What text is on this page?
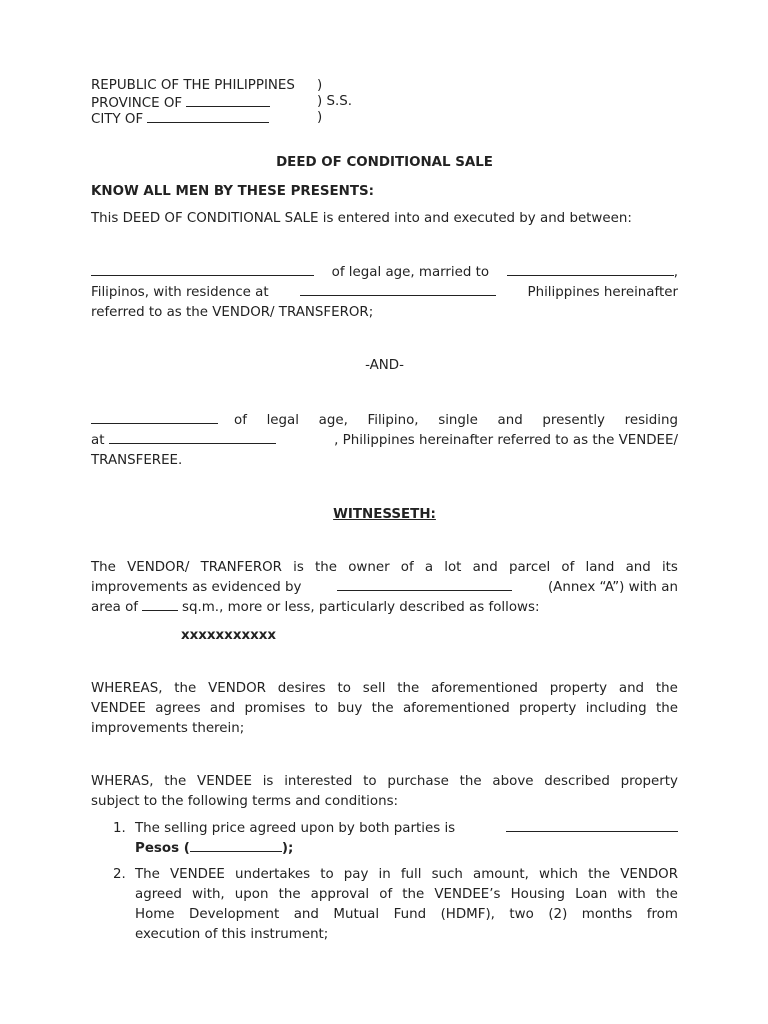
REPUBLIC OF THE PHILIPPINES )
PROVINCE OF	) S.S.
CITY OF	)
DEED OF CONDITIONAL SALE
KNOW ALL MEN BY THESE PRESENTS:
This DEED OF CONDITIONAL SALE is entered into and executed by and between:
of legal age, married to	,
Filipinos, with residence at	Philippines hereinafter
referred to as the VENDOR/ TRANSFEROR;
-AND-
of legal age, Filipino, single and presently residing
at	, Philippines hereinafter referred to as the VENDEE/
TRANSFEREE.
WITNESSETH:
The VENDOR/ TRANFEROR is the owner of a lot and parcel of land and its
improvements as evidenced by	(Annex “A”) with an
area of	sq.m., more or less, particularly described as follows:
xxxxxxxxxxx
WHEREAS, the VENDOR desires to sell the aforementioned property and the
VENDEE agrees and promises to buy the aforementioned property including the
improvements therein;
WHERAS, the VENDEE is interested to purchase the above described property
subject to the following terms and conditions:
1. The selling price agreed upon by both parties is
Pesos (	);
2. The VENDEE undertakes to pay in full such amount, which the VENDOR
agreed with, upon the approval of the VENDEE’s Housing Loan with the
Home Development and Mutual Fund (HDMF), two (2) months from
execution of this instrument;
